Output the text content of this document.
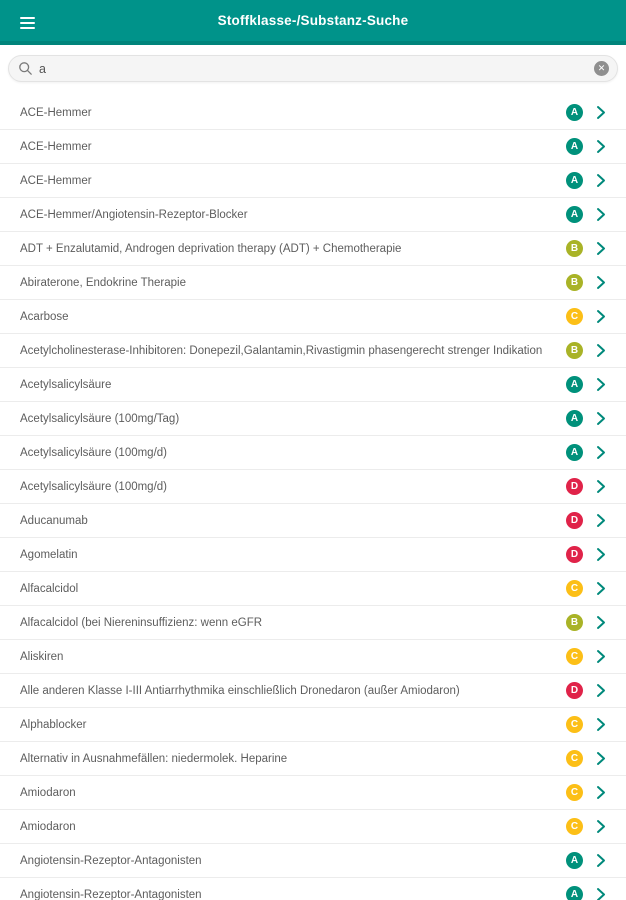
Stoffklasse-/Substanz-Suche
a	✕
ACE-Hemmer	A
ACE-Hemmer	A
ACE-Hemmer	A
ACE-Hemmer/Angiotensin-Rezeptor-Blocker	A
ADT + Enzalutamid, Androgen deprivation therapy (ADT) + Chemotherapie	B
Abiraterone, Endokrine Therapie	B
Acarbose	C
Acetylcholinesterase-Inhibitoren: Donepezil,Galantamin,Rivastigmin phasengerecht strenger Indikation	B
Acetylsalicylsäure	A
Acetylsalicylsäure (100mg/Tag)	A
Acetylsalicylsäure (100mg/d)	A
Acetylsalicylsäure (100mg/d)	D
Aducanumab	D
Agomelatin	D
Alfacalcidol	C
Alfacalcidol (bei Niereninsuffizienz: wenn eGFR	B
Aliskiren	C
Alle anderen Klasse I-III Antiarrhythmika einschließlich Dronedaron (außer Amiodaron)	D
Alphablocker	C
Alternativ in Ausnahmefällen: niedermolek. Heparine	C
Amiodaron	C
Amiodaron	C
Angiotensin-Rezeptor-Antagonisten	A
Angiotensin-Rezeptor-Antagonisten	A
